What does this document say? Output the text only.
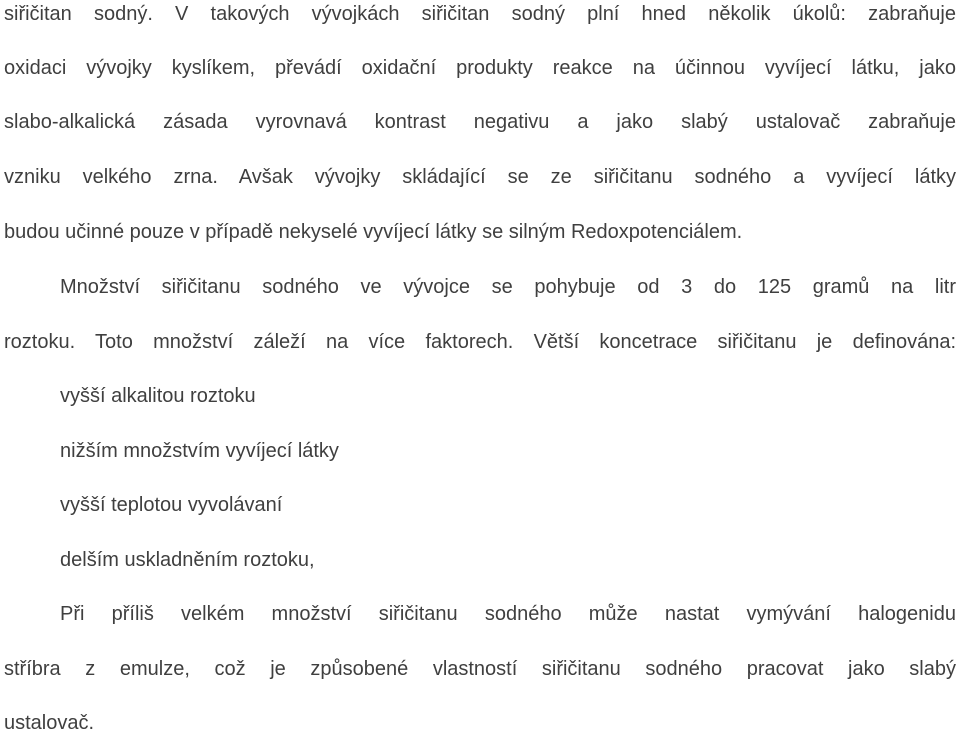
siřičitan sodný. V takových vývojkách siřičitan sodný plní hned několik úkolů: zabraňuje
oxidaci vývojky kyslíkem, převádí oxidační produkty reakce na účinnou vyvíjecí látku, jako
slabo-alkalická zásada vyrovnavá kontrast negativu a jako slabý ustalovač zabraňuje
vzniku velkého zrna. Avšak vývojky skládající se ze siřičitanu sodného a vyvíjecí látky
budou učinné pouze v případě nekyselé vyvíjecí látky se silným Redoxpotenciálem.
Množství siřičitanu sodného ve vývojce se pohybuje od 3 do 125 gramů na litr
roztoku. Toto množství záleží na více faktorech. Větší koncetrace siřičitanu je definována:
vyšší alkalitou roztoku
nižším množstvím vyvíjecí látky
vyšší teplotou vyvolávaní
delším uskladněním roztoku,
Při příliš velkém množství siřičitanu sodného může nastat vymývání halogenidu
stříbra z emulze, což je způsobené vlastností siřičitanu sodného pracovat jako slabý
ustalovač.
